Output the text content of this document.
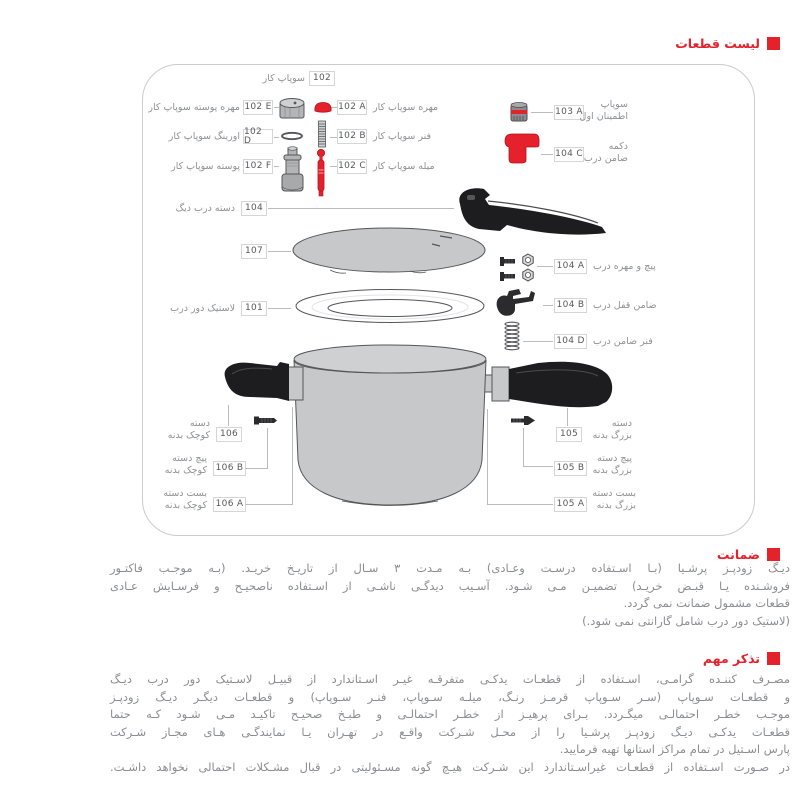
لیست قطعات
102
102 E
102 D
102 F
102 A
102 B
102 C
103 A
104 C
104
107
101
104 A
104 B
104 D
106
106 B
106 A
105
105 B
105 A
سوپاپ کار
مهره پوسته سوپاپ کار
اورینگ سوپاپ کار
پوسته سوپاپ کار
مهره سوپاپ کار
فنر سوپاپ کار
میله سوپاپ کار
سوپاپ
اطمینان اول
دکمه
ضامن درب
دسته درب دیگ
لاستیک دور درب
پیچ و مهره درب
ضامن قفل درب
فنر ضامن درب
دسته
کوچک بدنه
پیچ دسته
کوچک بدنه
بست دسته
کوچک بدنه
دسته
بزرگ بدنه
پیچ دسته
بزرگ بدنه
بست دسته
بزرگ بدنه
ضمانت
دیـگ زودپـز پرشـیا (بـا اسـتفاده درسـت وعـادی) بـه مـدت ۳ سـال از تاریـخ خریـد. (بـه موجـب فاکتـور
فروشـنده یـا قبـض خریـد) تضمیـن مـی شـود. آسـیب دیدگـی ناشـی از اسـتفاده ناصحیـح و فرسـایش عـادی
قطعات مشمول ضمانت نمی گردد.
(لاستیک دور درب شامل گارانتی نمی شود.)
تذکر مهم
مصـرف کننـده گرامـی، اسـتفاده از قطعـات یدکـی متفرقـه غیـر اسـتاندارد از قبیـل لاسـتیک دور درب دیـگ
و قطعـات سـوپاپ (سـر سـوپاپ قرمـز رنـگ، میلـه سـوپاپ، فنـر سـوپاپ) و قطعـات دیگـر دیـگ زودپـز
موجـب خطـر احتمالـی میگـردد. بـرای پرهیـز از خطـر احتمالـی و طبـخ صحیـح تاکیـد مـی شـود کـه حتما
قطعـات یدکـی دیـگ زودپـز پرشـیا را از محـل شـرکت واقـع در تهـران یـا نمایندگـی هـای مجـاز شـرکت
پارس اسـتیل در تمام مراکز استانها تهیه فرمایید.
در صـورت اسـتفاده از قطعـات غیراسـتاندارد این شـرکت هیـچ گونه مسـئولیتی در قبال مشـکلات احتمالی نخواهد داشـت.
